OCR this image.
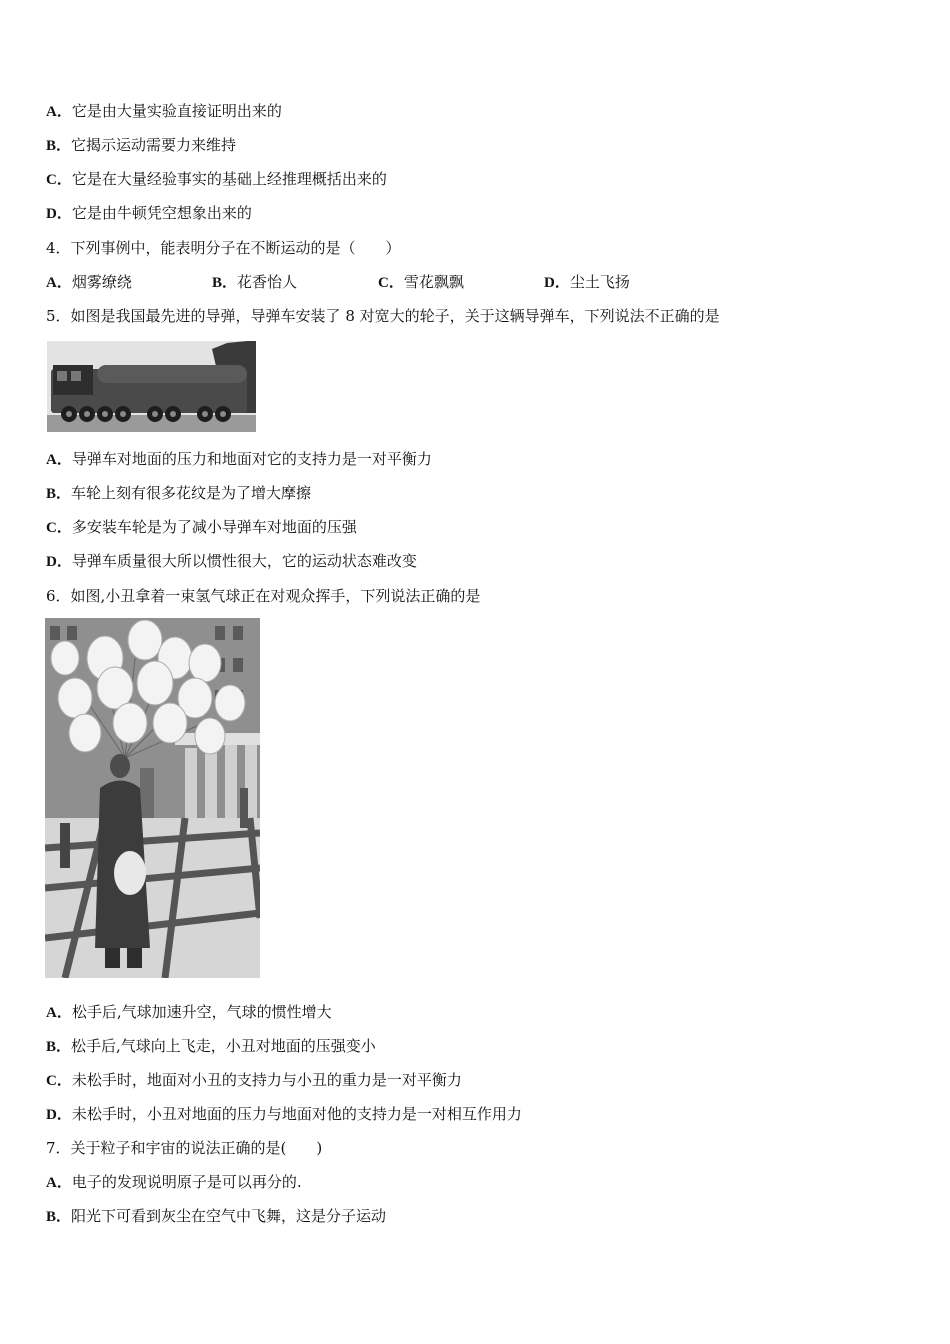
A．它是由大量实验直接证明出来的
B．它揭示运动需要力来维持
C．它是在大量经验事实的基础上经推理概括出来的
D．它是由牛顿凭空想象出来的
4．下列事例中，能表明分子在不断运动的是（　　）
A．烟雾缭绕	B．花香怡人	C．雪花飘飘	D．尘土飞扬
5．如图是我国最先进的导弹，导弹车安装了 8 对宽大的轮子，关于这辆导弹车，下列说法不正确的是
A．导弹车对地面的压力和地面对它的支持力是一对平衡力
B．车轮上刻有很多花纹是为了增大摩擦
C．多安装车轮是为了减小导弹车对地面的压强
D．导弹车质量很大所以惯性很大，它的运动状态难改变
6．如图,小丑拿着一束氢气球正在对观众挥手，下列说法正确的是
A．松手后,气球加速升空，气球的惯性增大
B．松手后,气球向上飞走，小丑对地面的压强变小
C．未松手时，地面对小丑的支持力与小丑的重力是一对平衡力
D．未松手时，小丑对地面的压力与地面对他的支持力是一对相互作用力
7．关于粒子和宇宙的说法正确的是(　　)
A．电子的发现说明原子是可以再分的.
B．阳光下可看到灰尘在空气中飞舞，这是分子运动
